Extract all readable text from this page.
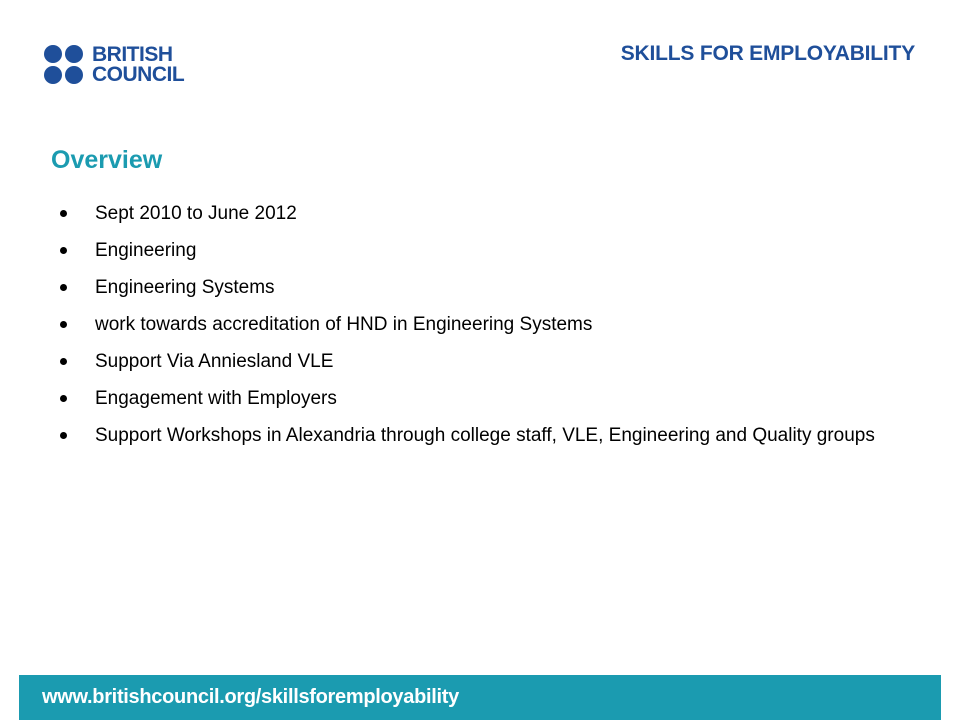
BRITISH
COUNCIL
SKILLS FOR EMPLOYABILITY
Overview
Sept 2010 to June 2012
Engineering
Engineering Systems
work towards accreditation of HND in Engineering Systems
Support Via Anniesland VLE
Engagement with Employers
Support Workshops in Alexandria through college staff, VLE, Engineering and Quality groups
www.britishcouncil.org/skillsforemployability
